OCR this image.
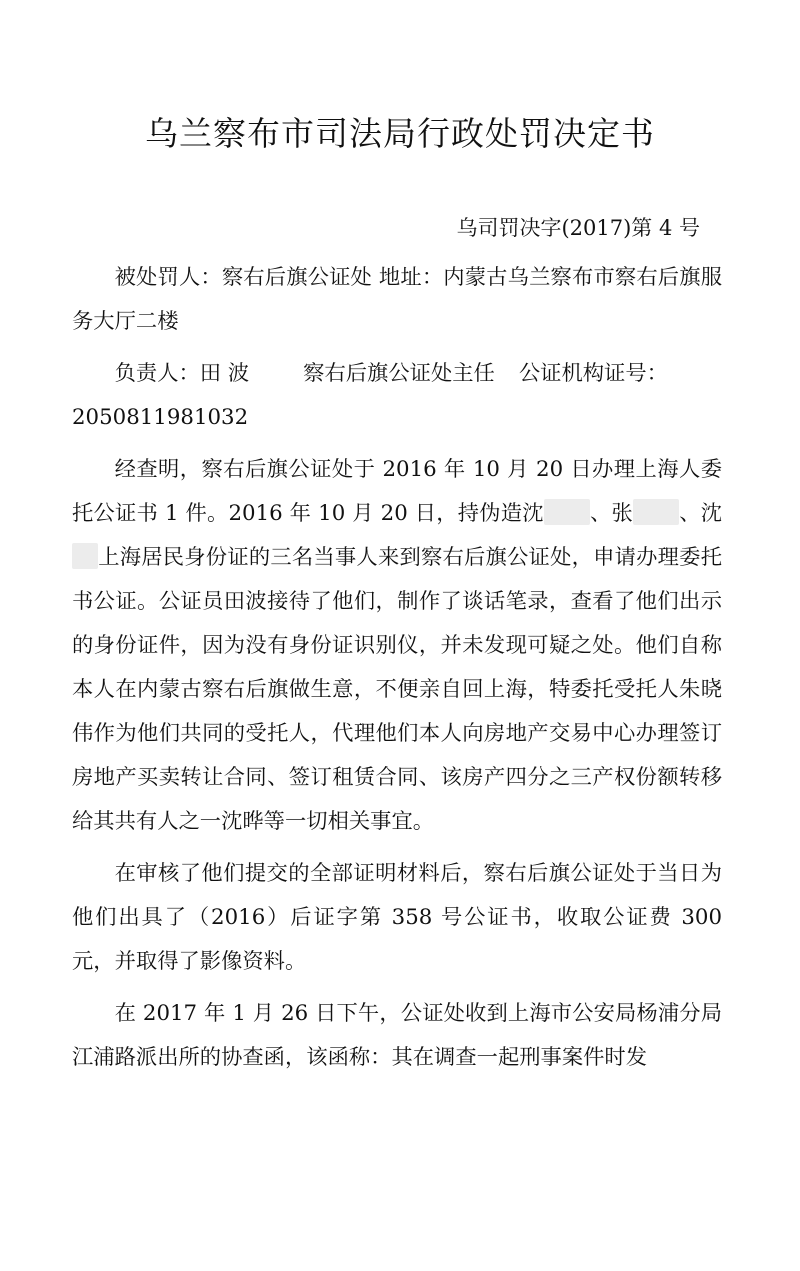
乌兰察布市司法局行政处罚决定书
乌司罚决字(2017)第 4 号

被处罚人：察右后旗公证处 地址：内蒙古乌兰察布市察右后旗服务大厅二楼

负责人：田 波	察右后旗公证处主任 公证机构证号：2050811981032

经查明，察右后旗公证处于 2016 年 10 月 20 日办理上海人委托公证书 1 件。2016 年 10 月 20 日，持伪造沈 、张 、沈上海居民身份证的三名当事人来到察右后旗公证处，申请办理委托书公证。公证员田波接待了他们，制作了谈话笔录，查看了他们出示的身份证件，因为没有身份证识别仪，并未发现可疑之处。他们自称本人在内蒙古察右后旗做生意，不便亲自回上海，特委托受托人朱晓伟作为他们共同的受托人，代理他们本人向房地产交易中心办理签订房地产买卖转让合同、签订租赁合同、该房产四分之三产权份额转移给其共有人之一沈晔等一切相关事宜。

在审核了他们提交的全部证明材料后，察右后旗公证处于当日为他们出具了（2016）后证字第 358 号公证书，收取公证费 300 元，并取得了影像资料。

在 2017 年 1 月 26 日下午，公证处收到上海市公安局杨浦分局江浦路派出所的协查函，该函称：其在调查一起刑事案件时发
